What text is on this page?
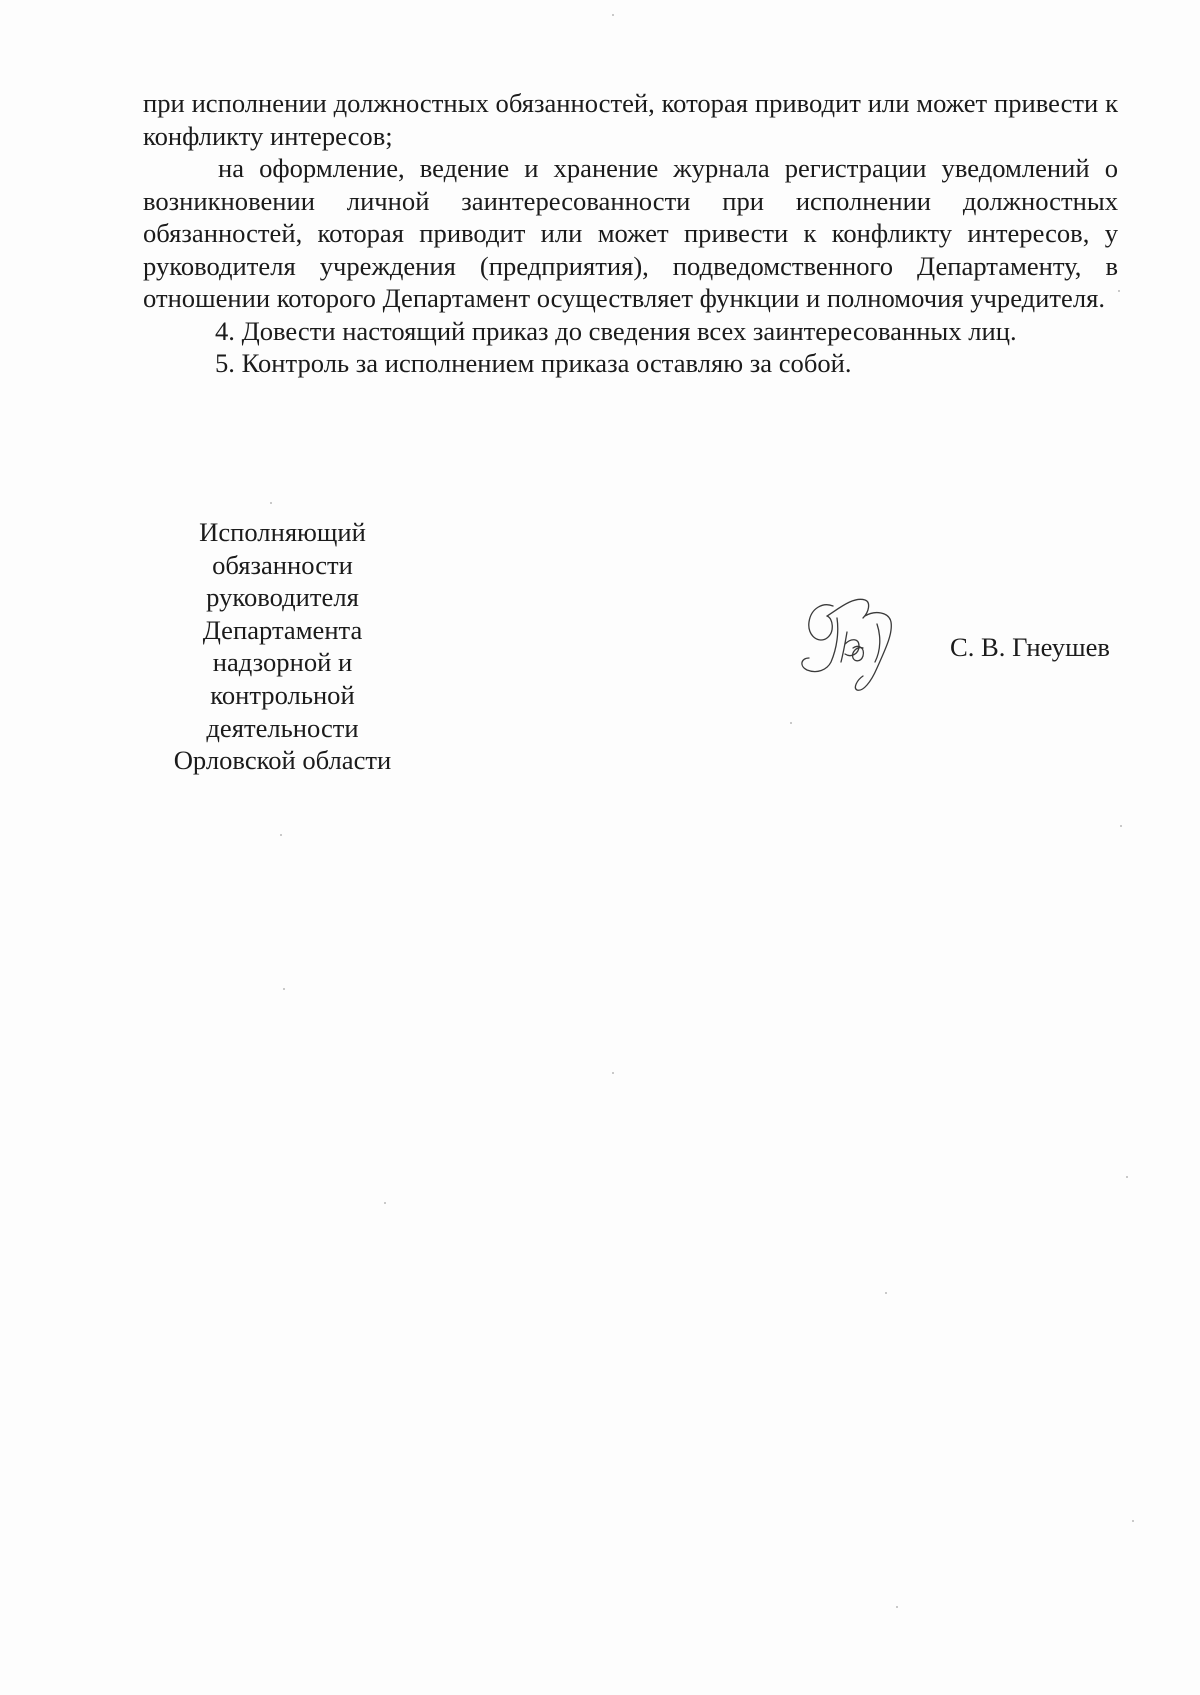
при исполнении должностных обязанностей, которая приводит или может привести к конфликту интересов;

на оформление, ведение и хранение журнала регистрации уведомлений о возникновении личной заинтересованности при исполнении должностных обязанностей, которая приводит или может привести к конфликту интересов, у руководителя учреждения (предприятия), подведомственного Департаменту, в отношении которого Департамент осуществляет функции и полномочия учредителя.

4. Довести настоящий приказ до сведения всех заинтересованных лиц.

5. Контроль за исполнением приказа оставляю за собой.

Исполняющий
обязанности
руководителя
Департамента
надзорной и
контрольной
деятельности
Орловской области
С. В. Гнеушев
